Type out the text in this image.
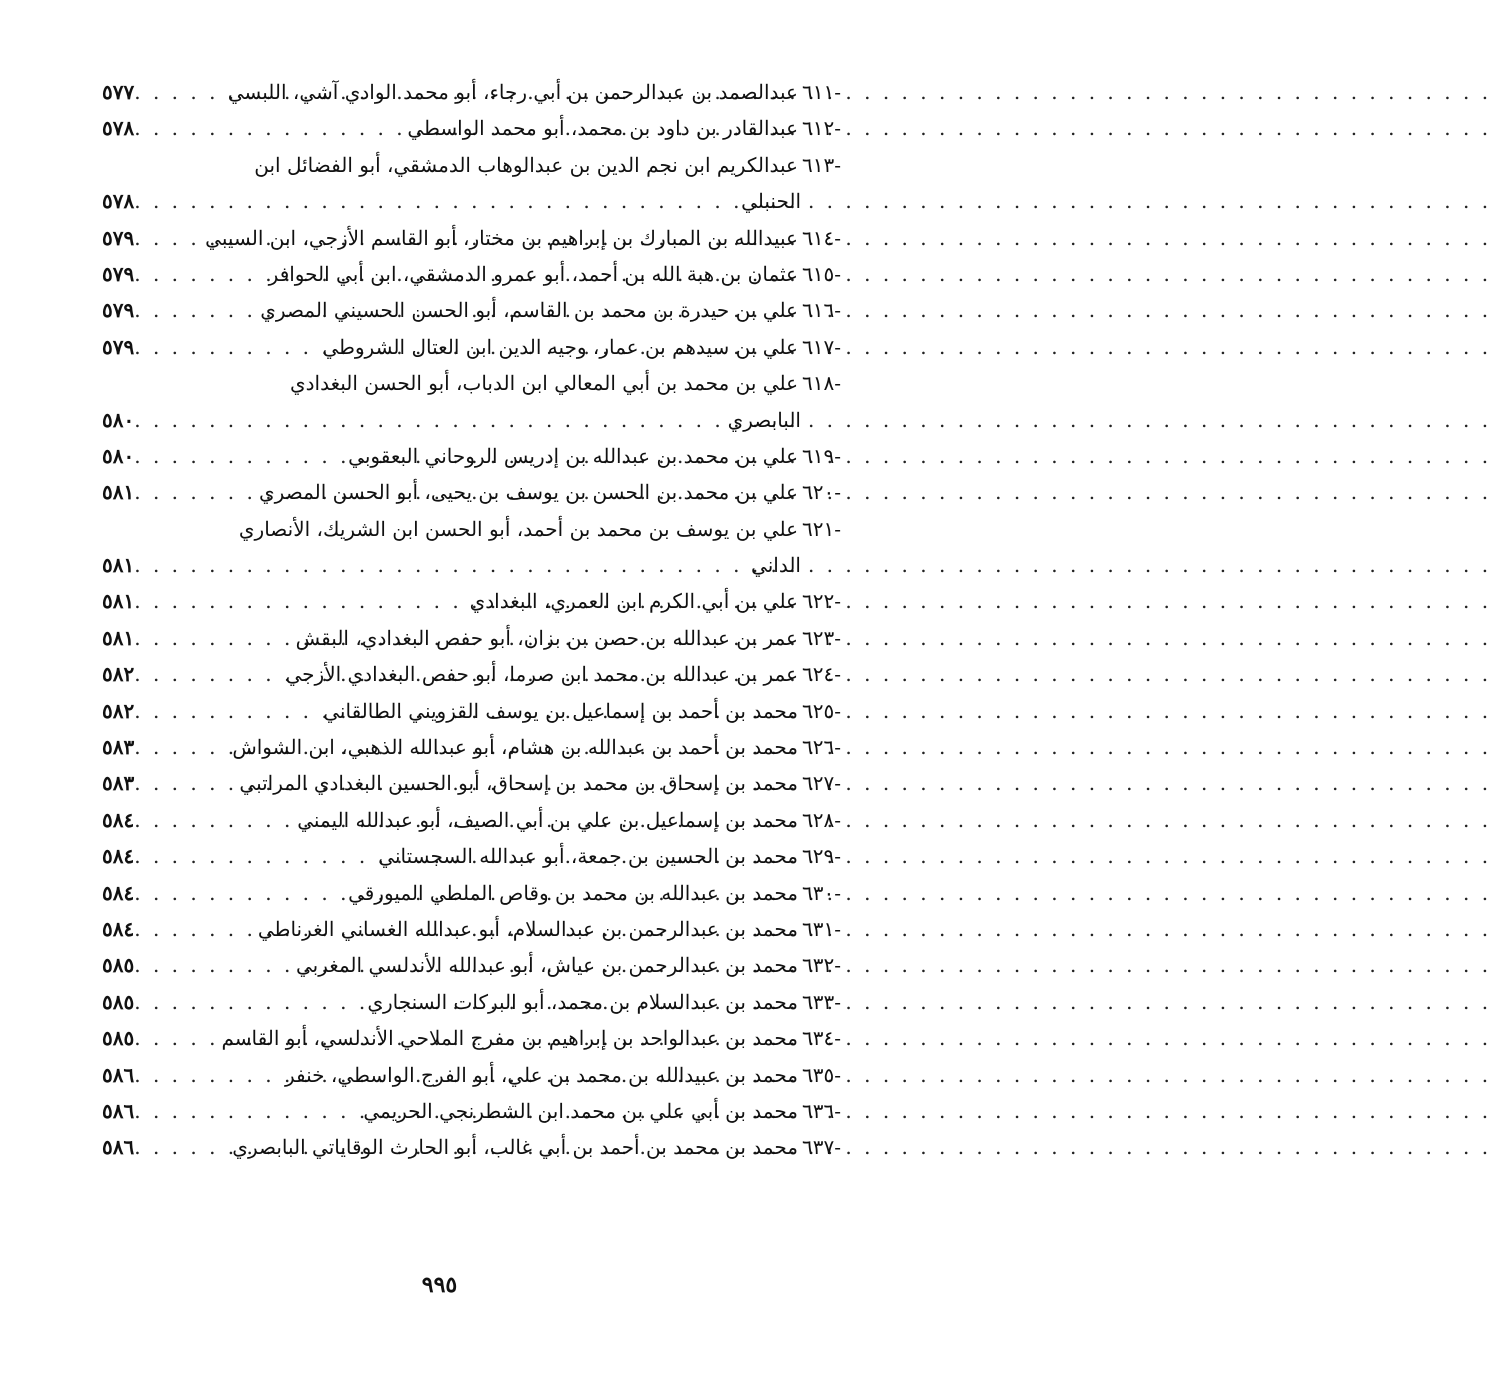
٦١١-
عبدالصمد بن عبدالرحمن بن أبي رجاء، أبو محمد الوادي آشي، اللبسي
. . .
٥٧٧
٦١٢-
عبدالقادر بن داود بن محمد، أبو محمد الواسطي
. . .
٥٧٨
٦١٣-
عبدالكريم ابن نجم الدين بن عبدالوهاب الدمشقي، أبو الفضائل ابن
الحنبلي
. . .
٥٧٨
٦١٤-
عبيدالله بن المبارك بن إبراهيم بن مختار، أبو القاسم الأزجي، ابن السيبي
. . .
٥٧٩
٦١٥-
عثمان بن هبة الله بن أحمد، أبو عمرو الدمشقي، ابن أبي الحوافر
. . .
٥٧٩
٦١٦-
علي بن حيدرة بن محمد بن القاسم، أبو الحسن الحسيني المصري
. . .
٥٧٩
٦١٧-
علي بن سيدهم بن عمار، وجيه الدين ابن العتال الشروطي
. . .
٥٧٩
٦١٨-
علي بن محمد بن أبي المعالي ابن الدباب، أبو الحسن البغدادي
البابصري
. . .
٥٨٠
٦١٩-
علي بن محمد بن عبدالله بن إدريس الروحاني البعقوبي
. . .
٥٨٠
٦٢٠-
علي بن محمد بن الحسن بن يوسف بن يحيى، أبو الحسن المصري
. . .
٥٨١
٦٢١-
علي بن يوسف بن محمد بن أحمد، أبو الحسن ابن الشريك، الأنصاري
الداني
. . .
٥٨١
٦٢٢-
علي بن أبي الكرم ابن العمري، البغدادي
. . .
٥٨١
٦٢٣-
عمر بن عبدالله بن حصن بن بزان، أبو حفص البغدادي، البقش
. . .
٥٨١
٦٢٤-
عمر بن عبدالله بن محمد ابن صرما، أبو حفص البغدادي الأزجي
. . .
٥٨٢
٦٢٥-
محمد بن أحمد بن إسماعيل بن يوسف القزويني الطالقاني
. . .
٥٨٢
٦٢٦-
محمد بن أحمد بن عبدالله بن هشام، أبو عبدالله الذهبي، ابن الشواش
. . .
٥٨٣
٦٢٧-
محمد بن إسحاق بن محمد بن إسحاق، أبو الحسين البغدادي المراتبي
. . .
٥٨٣
٦٢٨-
محمد بن إسماعيل بن علي بن أبي الصيف، أبو عبدالله اليمني
. . .
٥٨٤
٦٢٩-
محمد بن الحسين بن جمعة، أبو عبدالله السجستاني
. . .
٥٨٤
٦٣٠-
محمد بن عبدالله بن محمد بن وقاص الملطي الميورقي
. . .
٥٨٤
٦٣١-
محمد بن عبدالرحمن بن عبدالسلام، أبو عبدالله الغساني الغرناطي
. . .
٥٨٤
٦٣٢-
محمد بن عبدالرحمن بن عياش، أبو عبدالله الأندلسي المغربي
. . .
٥٨٥
٦٣٣-
محمد بن عبدالسلام بن محمد، أبو البركات السنجاري
. . .
٥٨٥
٦٣٤-
محمد بن عبدالواحد بن إبراهيم بن مفرج الملاحي الأندلسي، أبو القاسم
. . .
٥٨٥
٦٣٥-
محمد بن عبيدالله بن محمد بن علي، أبو الفرج الواسطي، خنفر
. . .
٥٨٦
٦٣٦-
محمد بن أبي علي بن محمد ابن الشطرنجي الحريمي
. . .
٥٨٦
٦٣٧-
محمد بن محمد بن أحمد بن أبي غالب، أبو الحارث الوقاياتي البابصري
. . .
٥٨٦
٩٩٥
